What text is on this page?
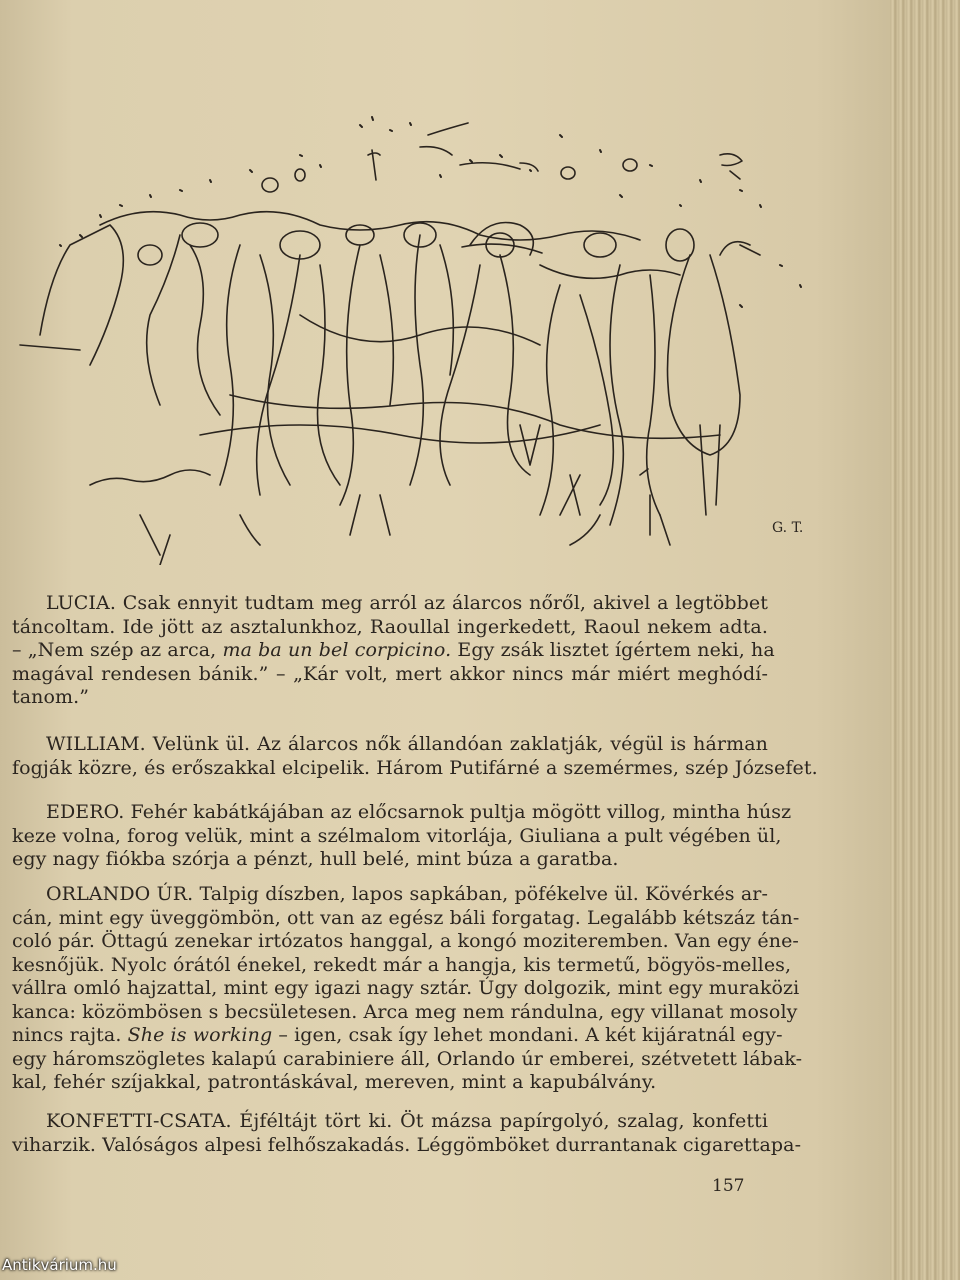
G. T.
LUCIA. Csak ennyit tudtam meg arról az álarcos nőről, akivel a legtöbbet
táncoltam. Ide jött az asztalunkhoz, Raoullal ingerkedett, Raoul nekem adta.
– „Nem szép az arca, ma ba un bel corpicino. Egy zsák lisztet ígértem neki, ha
magával rendesen bánik.” – „Kár volt, mert akkor nincs már miért meghódí-
tanom.”
WILLIAM. Velünk ül. Az álarcos nők állandóan zaklatják, végül is hárman
fogják közre, és erőszakkal elcipelik. Három Putifárné a szemérmes, szép Józsefet.
EDERO. Fehér kabátkájában az előcsarnok pultja mögött villog, mintha húsz
keze volna, forog velük, mint a szélmalom vitorlája, Giuliana a pult végében ül,
egy nagy fiókba szórja a pénzt, hull belé, mint búza a garatba.
ORLANDO ÚR. Talpig díszben, lapos sapkában, pöfékelve ül. Kövérkés ar-
cán, mint egy üveggömbön, ott van az egész báli forgatag. Legalább kétszáz tán-
coló pár. Öttagú zenekar irtózatos hanggal, a kongó moziteremben. Van egy éne-
kesnőjük. Nyolc órától énekel, rekedt már a hangja, kis termetű, bögyös-melles,
vállra omló hajzattal, mint egy igazi nagy sztár. Úgy dolgozik, mint egy muraközi
kanca: közömbösen s becsületesen. Arca meg nem rándulna, egy villanat mosoly
nincs rajta. She is working – igen, csak így lehet mondani. A két kijáratnál egy-
egy háromszögletes kalapú carabiniere áll, Orlando úr emberei, szétvetett lábak-
kal, fehér szíjakkal, patrontáskával, mereven, mint a kapubálvány.
KONFETTI-CSATA. Éjféltájt tört ki. Öt mázsa papírgolyó, szalag, konfetti
viharzik. Valóságos alpesi felhőszakadás. Léggömböket durrantanak cigarettapa-
157
Antikvárium.hu
